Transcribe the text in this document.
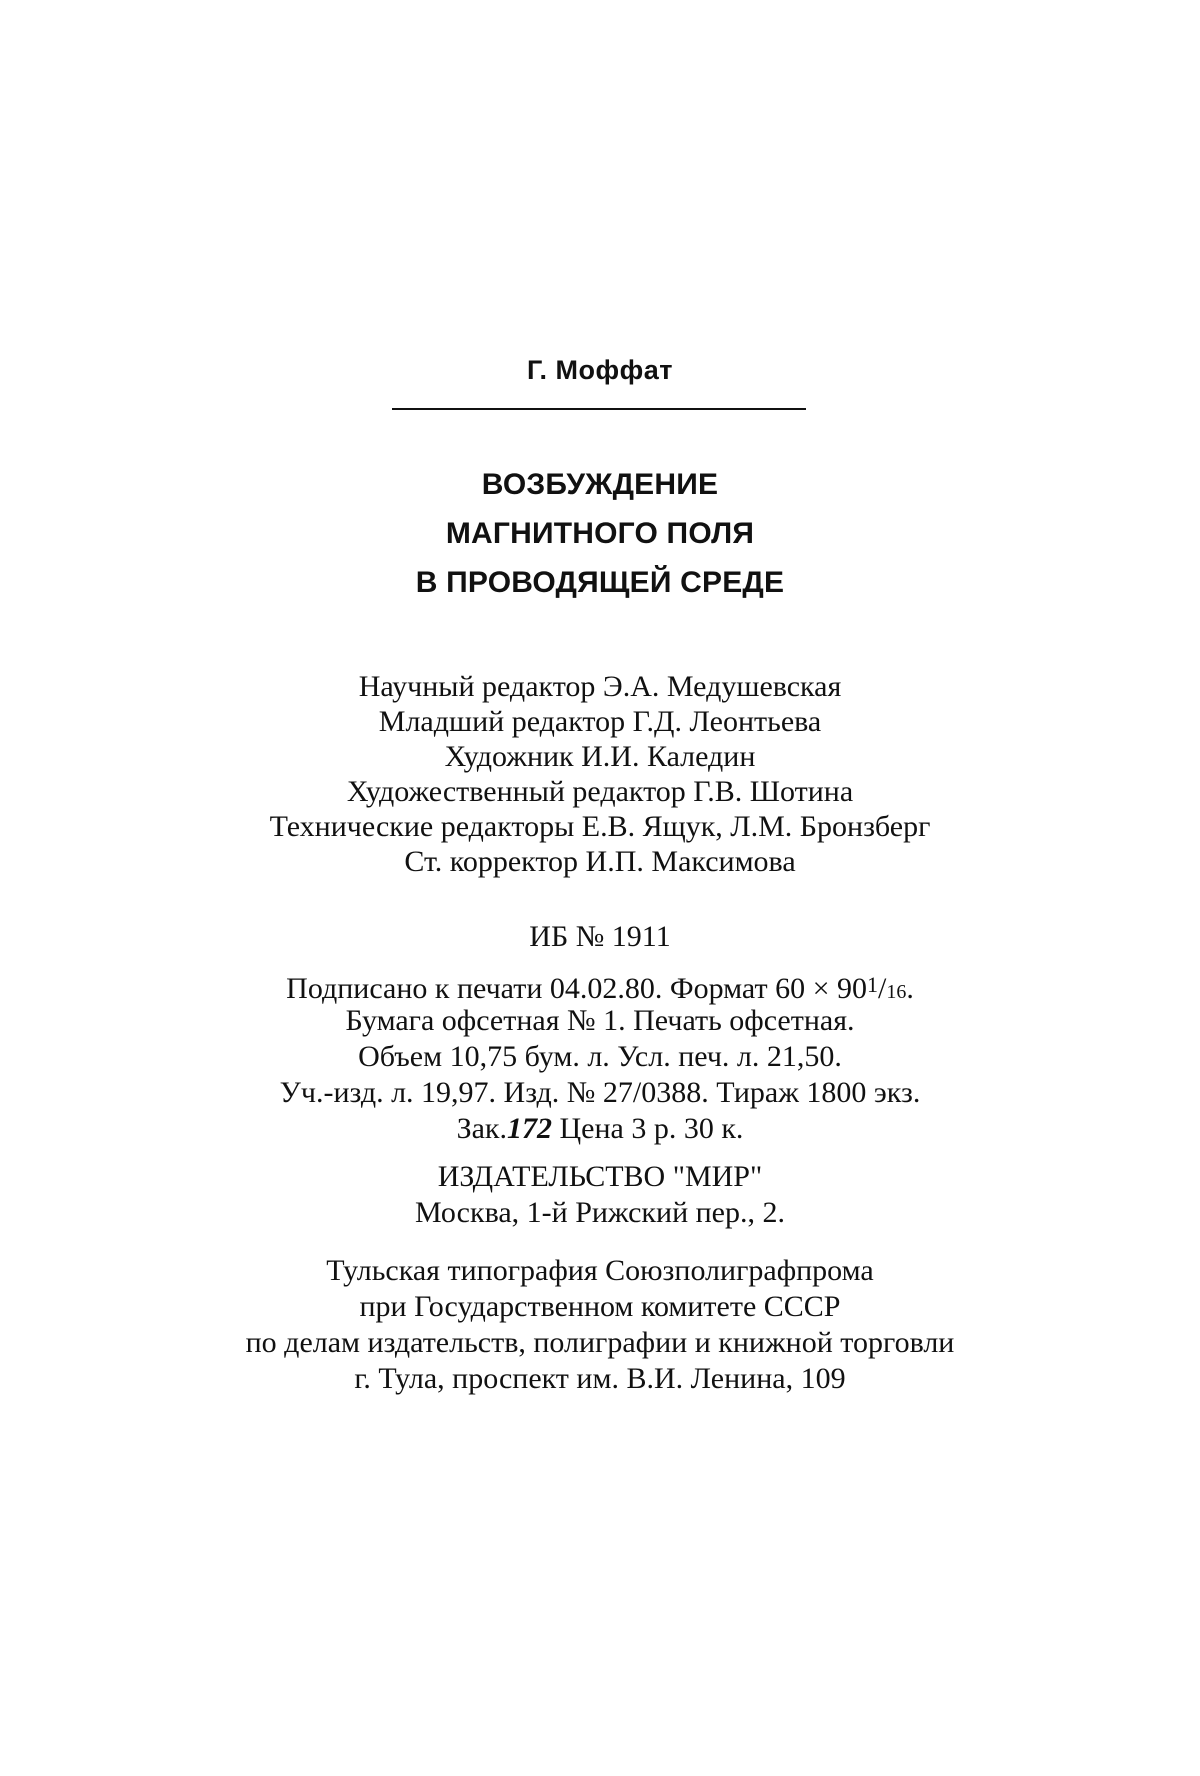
Г. Моффат
ВОЗБУЖДЕНИЕ
МАГНИТНОГО ПОЛЯ
В ПРОВОДЯЩЕЙ СРЕДЕ
Научный редактор Э.А. Медушевская
Младший редактор Г.Д. Леонтьева
Художник И.И. Каледин
Художественный редактор Г.В. Шотина
Технические редакторы Е.В. Ящук, Л.М. Бронзберг
Ст. корректор И.П. Максимова
ИБ № 1911
Подписано к печати 04.02.80. Формат $60 \times 90^1/16$.
Бумага офсетная № 1. Печать офсетная.
Объем 10,75 бум. л. Усл. печ. л. 21,50.
Уч.-изд. л. 19,97. Изд. № 27/0388. Тираж 1800 экз.
Зак.172 Цена 3 р. 30 к.
ИЗДАТЕЛЬСТВО "МИР"
Москва, 1-й Рижский пер., 2.
Тульская типография Союзполиграфпрома
при Государственном комитете СССР
по делам издательств, полиграфии и книжной торговли
г. Тула, проспект им. В.И. Ленина, 109
